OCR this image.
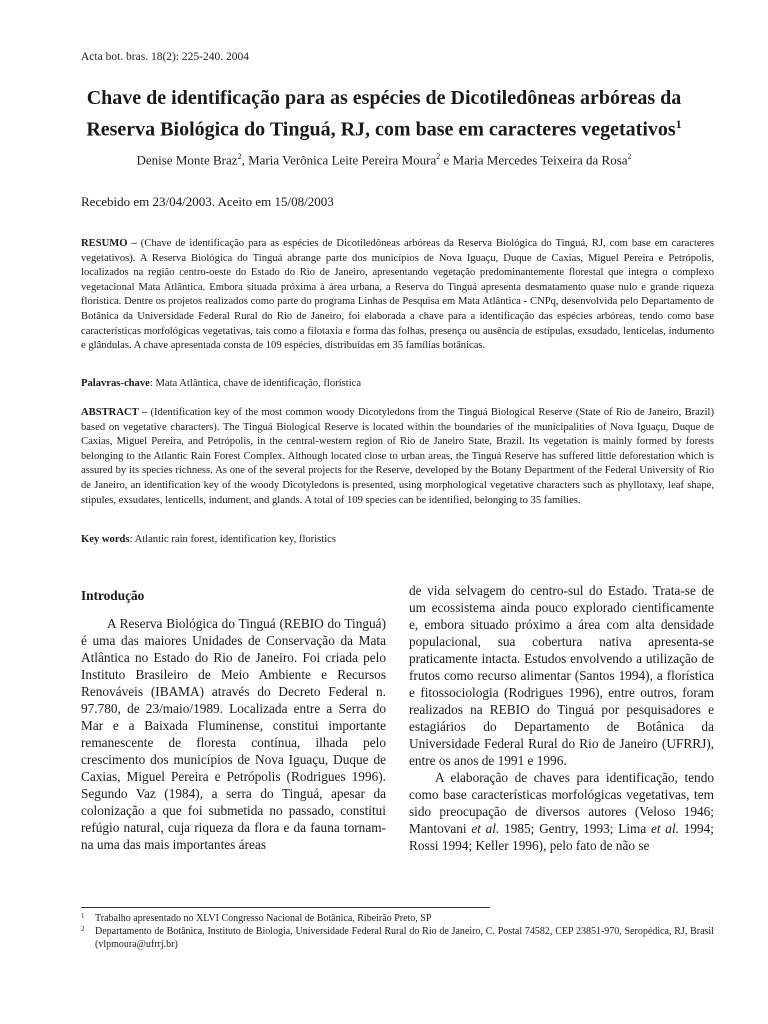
Acta bot. bras. 18(2): 225-240. 2004
Chave de identificação para as espécies de Dicotiledôneas arbóreas da
Reserva Biológica do Tinguá, RJ, com base em caracteres vegetativos$^1$
Denise Monte Braz$^2$, Maria Verônica Leite Pereira Moura$^2$ e Maria Mercedes Teixeira da Rosa$^2$
Recebido em 23/04/2003. Aceito em 15/08/2003

RESUMO – (Chave de identificação para as espécies de Dicotiledôneas arbóreas da Reserva Biológica do Tinguá, RJ, com base em caracteres vegetativos). A Reserva Biológica do Tinguá abrange parte dos municípios de Nova Iguaçu, Duque de Caxias, Miguel Pereira e Petrópolis, localizados na região centro-oeste do Estado do Rio de Janeiro, apresentando vegetação predominantemente florestal que integra o complexo vegetacional Mata Atlântica. Embora situada próxima à área urbana, a Reserva do Tinguá apresenta desmatamento quase nulo e grande riqueza florística. Dentre os projetos realizados como parte do programa Linhas de Pesquisa em Mata Atlântica - CNPq, desenvolvida pelo Departamento de Botânica da Universidade Federal Rural do Rio de Janeiro, foi elaborada a chave para a identificação das espécies arbóreas, tendo como base características morfológicas vegetativas, tais como a filotaxia e forma das folhas, presença ou ausência de estípulas, exsudado, lenticelas, indumento e glândulas. A chave apresentada consta de 109 espécies, distribuídas em 35 famílias botânicas.

Palavras-chave: Mata Atlântica, chave de identificação, florística

ABSTRACT – (Identification key of the most common woody Dicotyledons from the Tinguá Biological Reserve (State of Rio de Janeiro, Brazil) based on vegetative characters). The Tinguá Biological Reserve is located within the boundaries of the municipalities of Nova Iguaçu, Duque de Caxias, Miguel Pereira, and Petrópolis, in the central-western region of Rio de Janeiro State, Brazil. Its vegetation is mainly formed by forests belonging to the Atlantic Rain Forest Complex. Although located close to urban areas, the Tinguá Reserve has suffered little deforestation which is assured by its species richness. As one of the several projects for the Reserve, developed by the Botany Department of the Federal University of Rio de Janeiro, an identification key of the woody Dicotyledons is presented, using morphological vegetative characters such as phyllotaxy, leaf shape, stipules, exsudates, lenticells, indument, and glands. A total of 109 species can be identified, belonging to 35 families.

Key words: Atlantic rain forest, identification key, floristics

Introdução

A Reserva Biológica do Tinguá (REBIO do Tinguá) é uma das maiores Unidades de Conservação da Mata Atlântica no Estado do Rio de Janeiro. Foi criada pelo Instituto Brasileiro de Meio Ambiente e Recursos Renováveis (IBAMA) através do Decreto Federal n. 97.780, de 23/maio/1989. Localizada entre a Serra do Mar e a Baixada Fluminense, constitui importante remanescente de floresta contínua, ilhada pelo crescimento dos municípios de Nova Iguaçu, Duque de Caxias, Miguel Pereira e Petrópolis (Rodrigues 1996). Segundo Vaz (1984), a serra do Tinguá, apesar da colonização a que foi submetida no passado, constitui refúgio natural, cuja riqueza da flora e da fauna tornam-na uma das mais importantes áreas

de vida selvagem do centro-sul do Estado. Trata-se de um ecossistema ainda pouco explorado cientificamente e, embora situado próximo a área com alta densidade populacional, sua cobertura nativa apresenta-se praticamente intacta. Estudos envolvendo a utilização de frutos como recurso alimentar (Santos 1994), a florística e fitossociologia (Rodrigues 1996), entre outros, foram realizados na REBIO do Tinguá por pesquisadores e estagiários do Departamento de Botânica da Universidade Federal Rural do Rio de Janeiro (UFRRJ), entre os anos de 1991 e 1996.

A elaboração de chaves para identificação, tendo como base características morfológicas vegetativas, tem sido preocupação de diversos autores (Veloso 1946; Mantovani et al. 1985; Gentry, 1993; Lima et al. 1994; Rossi 1994; Keller 1996), pelo fato de não se

1 Trabalho apresentado no XLVI Congresso Nacional de Botânica, Ribeirão Preto, SP

2 Departamento de Botânica, Instituto de Biologia, Universidade Federal Rural do Rio de Janeiro, C. Postal 74582, CEP 23851-970, Seropédica, RJ, Brasil (vlpmoura@ufrrj.br)
